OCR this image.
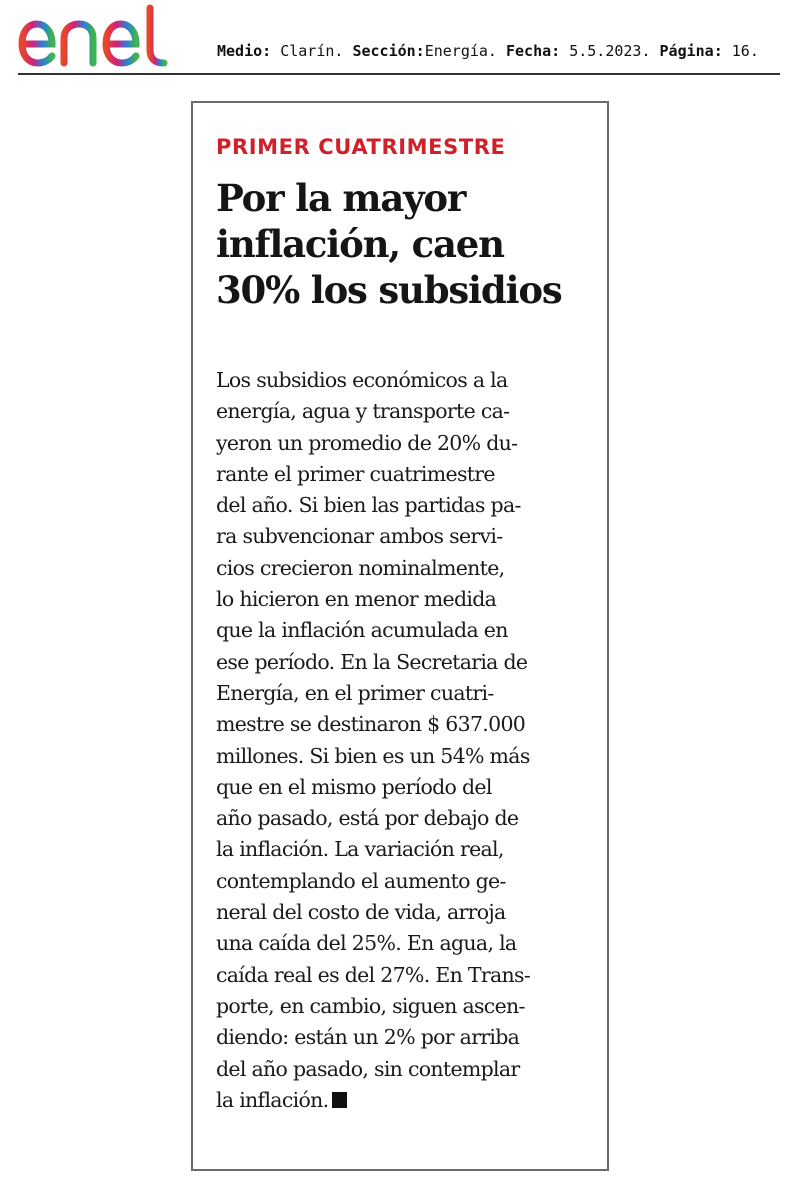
Medio: Clarín. Sección:Energía. Fecha: 5.5.2023. Página: 16.
PRIMER CUATRIMESTRE
Por la mayor
inflación, caen
30% los subsidios
Los subsidios económicos a la
energía, agua y transporte ca-
yeron un promedio de 20% du-
rante el primer cuatrimestre
del año. Si bien las partidas pa-
ra subvencionar ambos servi-
cios crecieron nominalmente,
lo hicieron en menor medida
que la inflación acumulada en
ese período. En la Secretaria de
Energía, en el primer cuatri-
mestre se destinaron $ 637.000
millones. Si bien es un 54% más
que en el mismo período del
año pasado, está por debajo de
la inflación. La variación real,
contemplando el aumento ge-
neral del costo de vida, arroja
una caída del 25%. En agua, la
caída real es del 27%. En Trans-
porte, en cambio, siguen ascen-
diendo: están un 2% por arriba
del año pasado, sin contemplar
la inflación.
